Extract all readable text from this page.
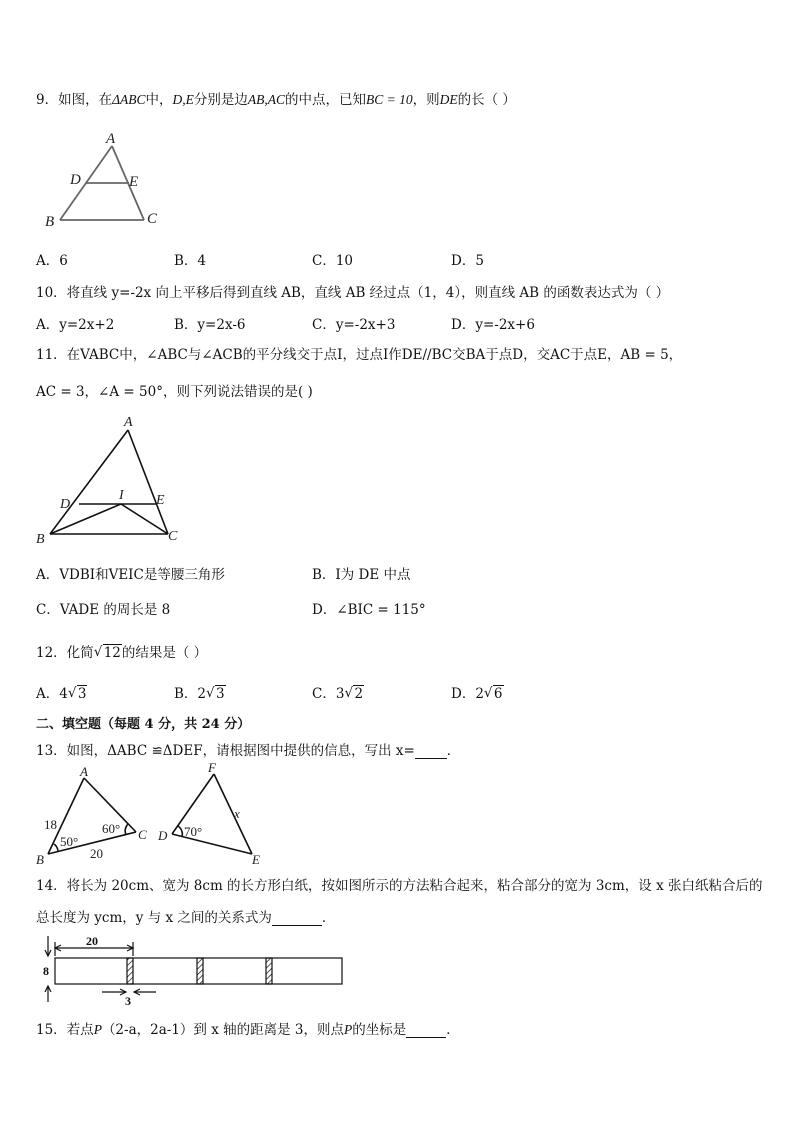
9．如图，在ΔABC中，D,E分别是边AB,AC的中点，已知BC = 10，则DE的长（ ）
A
D	E
B	C
A．6	B．4	C．10	D．5
10．将直线 y=-2x 向上平移后得到直线 AB，直线 AB 经过点（1，4），则直线 AB 的函数表达式为（ ）
A．y=2x+2	B．y=2x-6	C．y=-2x+3	D．y=-2x+6
11．在VABC中，∠ABC与∠ACB的平分线交于点I，过点I作DE//BC交BA于点D，交AC于点E，AB = 5，
AC = 3，∠A = 50°，则下列说法错误的是( )
A
D
I E
B	C
A．VDBI和VEIC是等腰三角形	B．I为 DE 中点
C．VADE 的周长是 8	D．∠BIC = 115°
12．化简 √ 12的结果是（ ）
A．4 √ 3	B．2 √ 3	C．3 √ 2	D．2 √ 6
二、填空题（每题 4 分，共 24 分）
13．如图，ΔABC ≌ΔDEF，请根据图中提供的信息，写出 x= ．
A
B
C
18
50°
60°
20
F
D
E
70°
x
14．将长为 20cm、宽为 8cm 的长方形白纸，按如图所示的方法粘合起来，粘合部分的宽为 3cm，设 x 张白纸粘合后的
总长度为 ycm，y 与 x 之间的关系式为	．
20
8
3
15．若点P（2-a，2a-1）到 x 轴的距离是 3，则点P的坐标是	．
